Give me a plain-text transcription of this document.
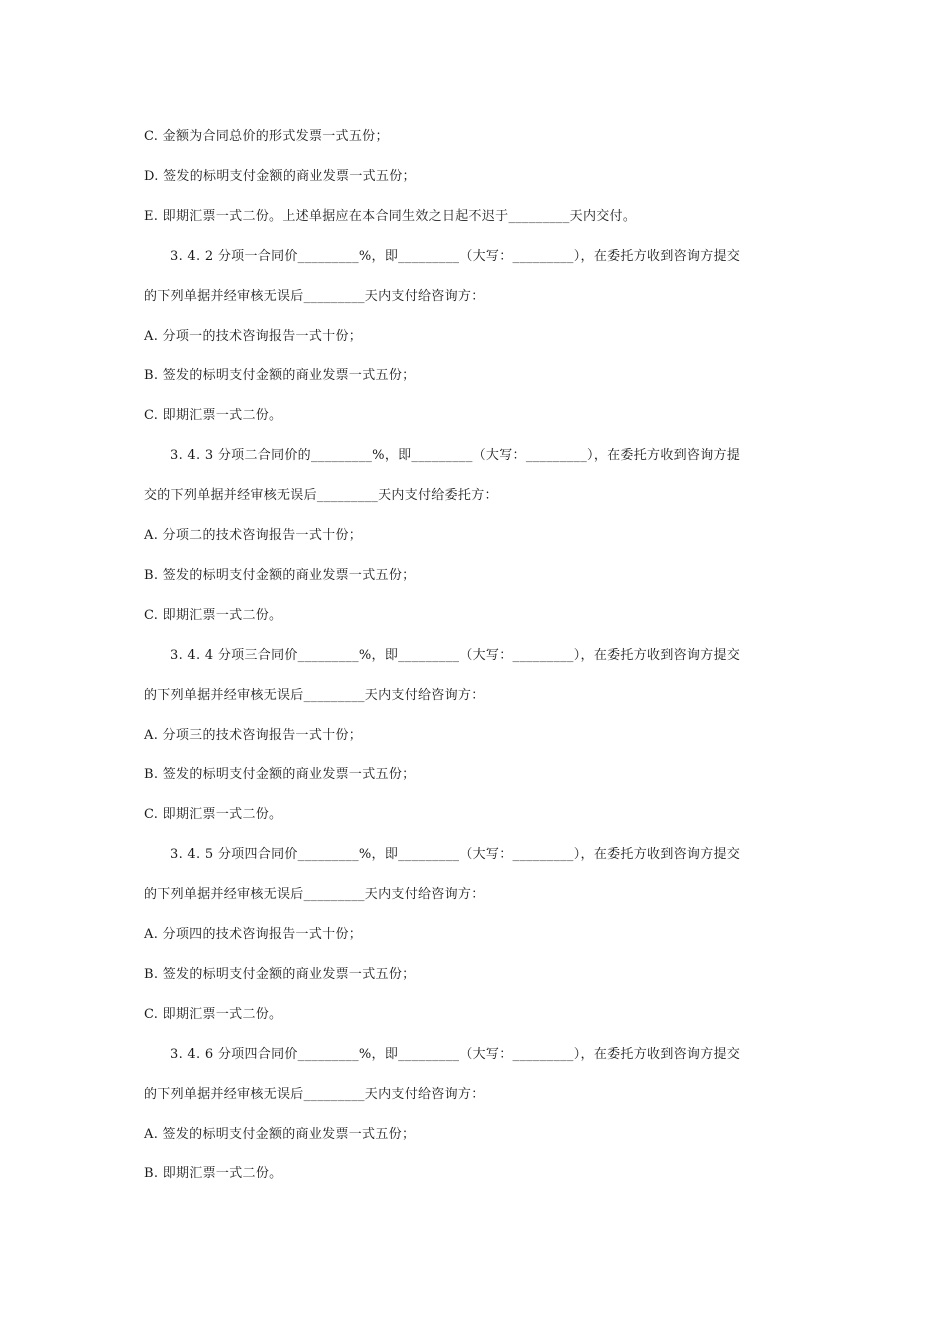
C. 金额为合同总价的形式发票一式五份；
D. 签发的标明支付金额的商业发票一式五份；
E. 即期汇票一式二份。上述单据应在本合同生效之日起不迟于_________天内交付。
3. 4. 2 分项一合同价_________%，即_________（大写：_________），在委托方收到咨询方提交
的下列单据并经审核无误后_________天内支付给咨询方：
A. 分项一的技术咨询报告一式十份；
B. 签发的标明支付金额的商业发票一式五份；
C. 即期汇票一式二份。
3. 4. 3 分项二合同价的_________%，即_________（大写：_________），在委托方收到咨询方提
交的下列单据并经审核无误后_________天内支付给委托方：
A. 分项二的技术咨询报告一式十份；
B. 签发的标明支付金额的商业发票一式五份；
C. 即期汇票一式二份。
3. 4. 4 分项三合同价_________%，即_________（大写：_________），在委托方收到咨询方提交
的下列单据并经审核无误后_________天内支付给咨询方：
A. 分项三的技术咨询报告一式十份；
B. 签发的标明支付金额的商业发票一式五份；
C. 即期汇票一式二份。
3. 4. 5 分项四合同价_________%，即_________（大写：_________），在委托方收到咨询方提交
的下列单据并经审核无误后_________天内支付给咨询方：
A. 分项四的技术咨询报告一式十份；
B. 签发的标明支付金额的商业发票一式五份；
C. 即期汇票一式二份。
3. 4. 6 分项四合同价_________%，即_________（大写：_________），在委托方收到咨询方提交
的下列单据并经审核无误后_________天内支付给咨询方：
A. 签发的标明支付金额的商业发票一式五份；
B. 即期汇票一式二份。
